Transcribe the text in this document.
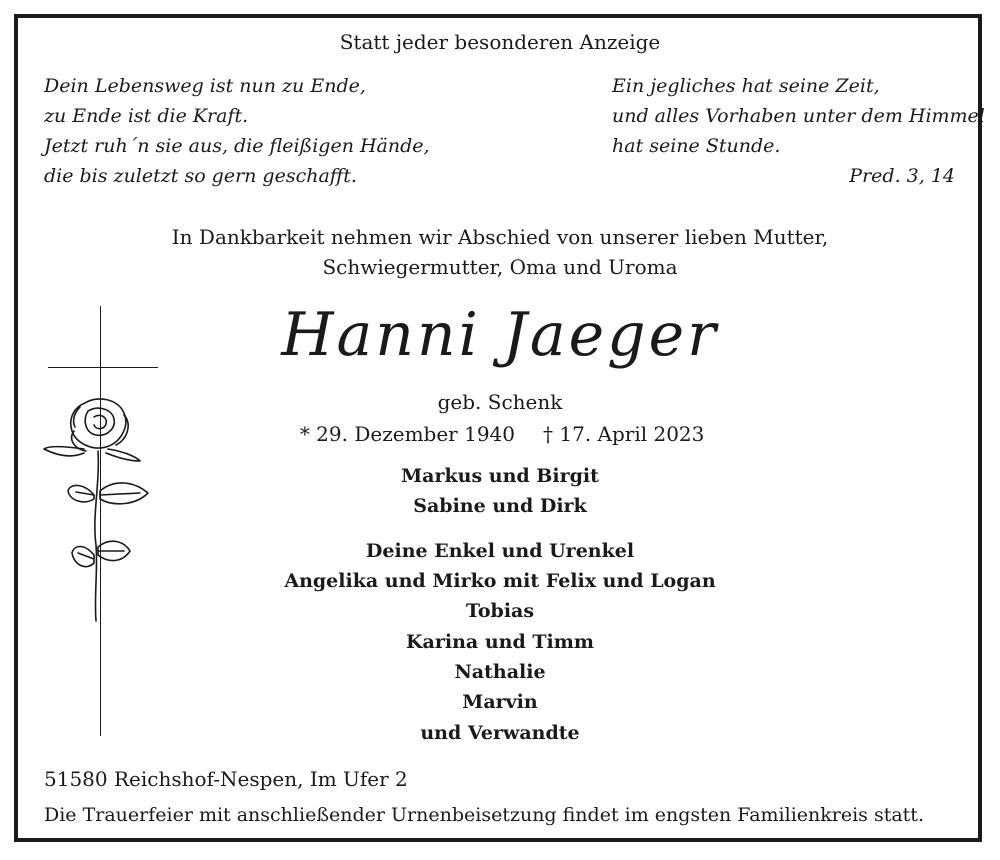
Statt jeder besonderen Anzeige
Dein Lebensweg ist nun zu Ende,
zu Ende ist die Kraft.
Jetzt ruh´n sie aus, die fleißigen Hände,
die bis zuletzt so gern geschafft.
Ein jegliches hat seine Zeit,
und alles Vorhaben unter dem Himmel
hat seine Stunde.
Pred. 3, 14
In Dankbarkeit nehmen wir Abschied von unserer lieben Mutter,
Schwiegermutter, Oma und Uroma
Hanni Jaeger
geb. Schenk
* 29. Dezember 1940 † 17. April 2023
Markus und Birgit
Sabine und Dirk
Deine Enkel und Urenkel
Angelika und Mirko mit Felix und Logan
Tobias
Karina und Timm
Nathalie
Marvin
und Verwandte
51580 Reichshof-Nespen, Im Ufer 2
Die Trauerfeier mit anschließender Urnenbeisetzung findet im engsten Familienkreis statt.
